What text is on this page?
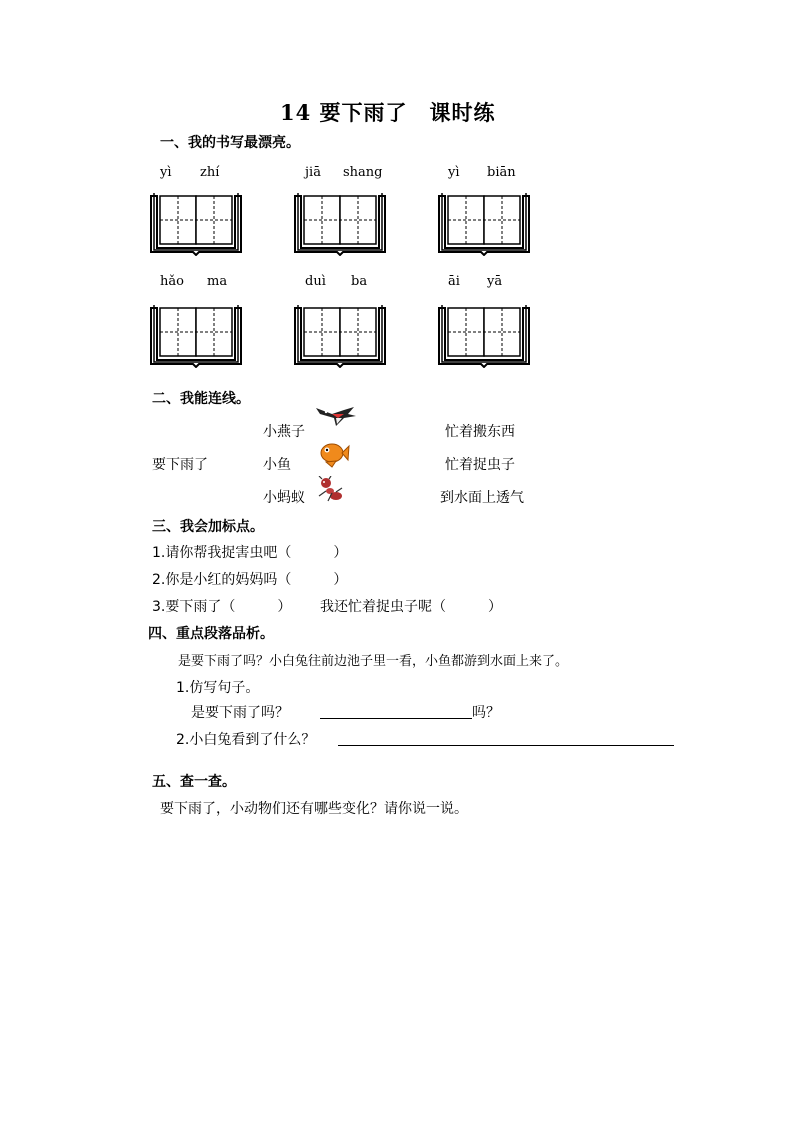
14 要下雨了　课时练
一、我的书写最漂亮。
yì zhí	jiā shang	yì biān
hǎo ma	duì ba	āi yā
二、我能连线。
要下雨了
小燕子
小鱼
小蚂蚁
忙着搬东西
忙着捉虫子
到水面上透气
三、我会加标点。
1.请你帮我捉害虫吧（　　　）
2.你是小红的妈妈吗（　　　）
3.要下雨了（　　　） 我还忙着捉虫子呢（　　　）
四、重点段落品析。
是要下雨了吗？小白兔往前边池子里一看，小鱼都游到水面上来了。
1.仿写句子。
是要下雨了吗？	吗？
2.小白兔看到了什么？
五、查一查。
要下雨了，小动物们还有哪些变化？请你说一说。
